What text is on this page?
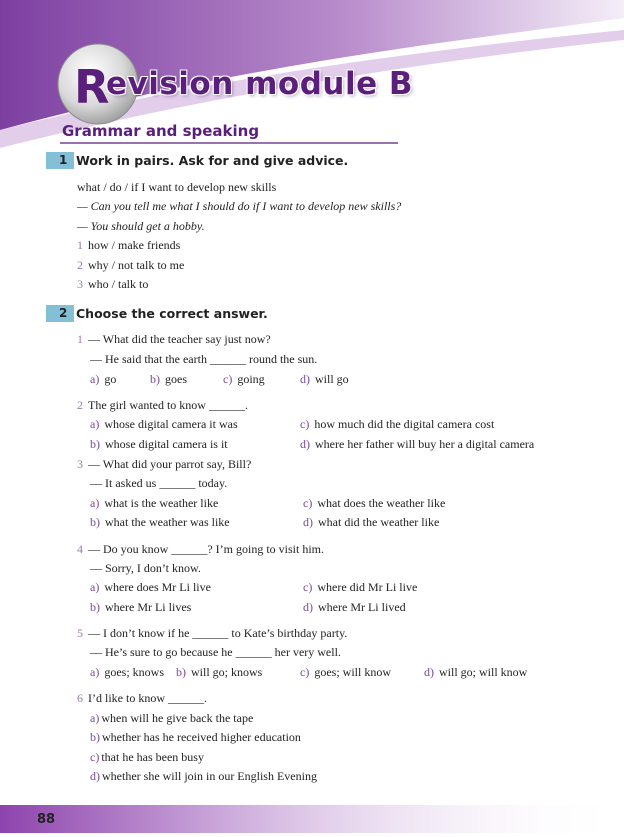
R
evision module B
Grammar and speaking
1 Work in pairs. Ask for and give advice.
what / do / if I want to develop new skills
— Can you tell me what I should do if I want to develop new skills?
— You should get a hobby.
1 how / make friends
2 why / not talk to me
3 who / talk to
2 Choose the correct answer.
1 — What did the teacher say just now?
— He said that the earth ______ round the sun.
a) go	b) goes	c) going	d) will go
2 The girl wanted to know ______.
a) whose digital camera it was	c) how much did the digital camera cost
b) whose digital camera is it	d) where her father will buy her a digital camera
3 — What did your parrot say, Bill?
— It asked us ______ today.
a) what is the weather like	c) what does the weather like
b) what the weather was like	d) what did the weather like
4 — Do you know ______? I’m going to visit him.
— Sorry, I don’t know.
a) where does Mr Li live	c) where did Mr Li live
b) where Mr Li lives	d) where Mr Li lived
5 — I don’t know if he ______ to Kate’s birthday party.
— He’s sure to go because he ______ her very well.
a) goes; knows b) will go; knows	c) goes; will know	d) will go; will know
6 I’d like to know ______.
a) when will he give back the tape
b) whether has he received higher education
c) that he has been busy
d) whether she will join in our English Evening
88
